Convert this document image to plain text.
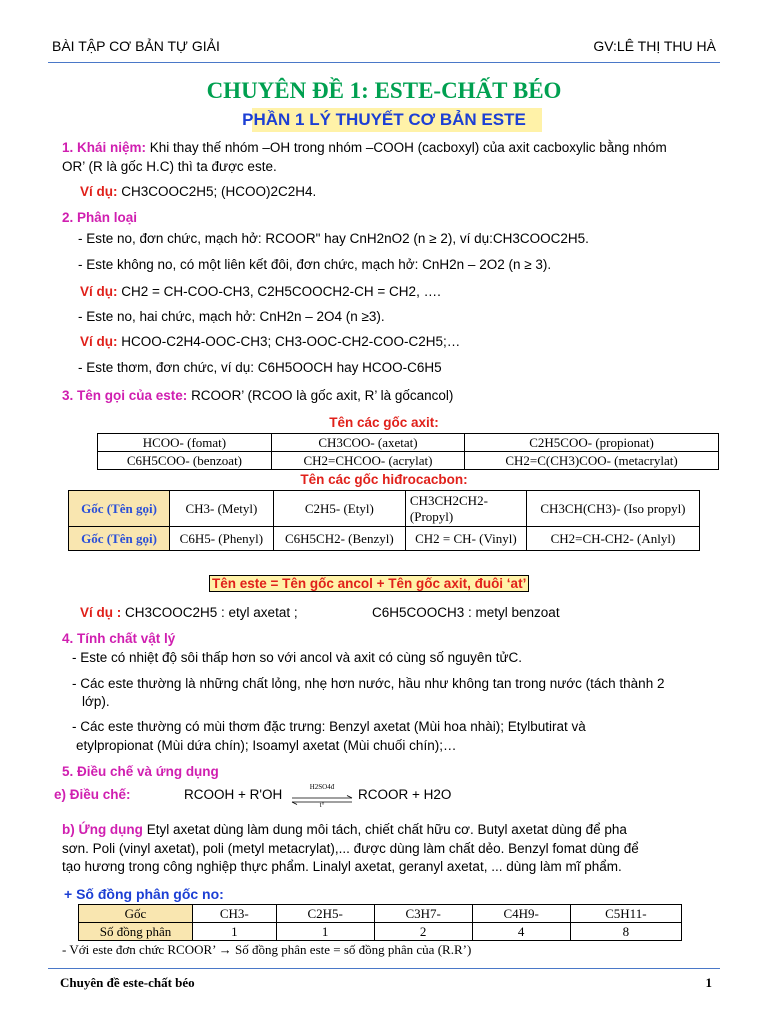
BÀI TẬP CƠ BẢN TỰ GIẢI	GV:LÊ THỊ THU HÀ
CHUYÊN ĐỀ 1: ESTE-CHẤT BÉO
PHẦN 1 LÝ THUYẾT CƠ BẢN ESTE
1. Khái niệm: Khi thay thế nhóm –OH trong nhóm –COOH (cacboxyl) của axit cacboxylic bằng nhóm
OR’ (R là gốc H.C) thì ta được este.
Ví dụ: CH3COOC2H5; (HCOO)2C2H4.
2. Phân loại
- Este no, đơn chức, mạch hở: RCOOR" hay CnH2nO2 (n ≥ 2), ví dụ:CH3COOC2H5.
- Este không no, có một liên kết đôi, đơn chức, mạch hở: CnH2n – 2O2 (n ≥ 3).
Ví dụ: CH2 = CH-COO-CH3, C2H5COOCH2-CH = CH2, ….
- Este no, hai chức, mạch hở: CnH2n – 2O4 (n ≥3).
Ví dụ: HCOO-C2H4-OOC-CH3; CH3-OOC-CH2-COO-C2H5;…
- Este thơm, đơn chức, ví dụ: C6H5OOCH hay HCOO-C6H5
3. Tên gọi của este: RCOOR’ (RCOO là gốc axit, R’ là gốcancol)
Tên các gốc axit:
HCOO- (fomat)	CH3COO- (axetat)	C2H5COO- (propionat)
C6H5COO- (benzoat)	CH2=CHCOO- (acrylat)	CH2=C(CH3)COO- (metacrylat)
Tên các gốc hiđrocacbon:
Gốc (Tên gọi)	CH3- (Metyl)	C2H5- (Etyl)	CH3CH2CH2- (Propyl)	CH3CH(CH3)- (Iso propyl)
Gốc (Tên gọi)	C6H5- (Phenyl)	C6H5CH2- (Benzyl)	CH2 = CH- (Vinyl)	CH2=CH-CH2- (Anlyl)
Tên este = Tên gốc ancol + Tên gốc axit, đuôi ‘at’
Ví dụ : CH3COOC2H5 : etyl axetat ;	C6H5COOCH3 : metyl benzoat
4. Tính chất vật lý
- Este có nhiệt độ sôi thấp hơn so với ancol và axit có cùng số nguyên tửC.
- Các este thường là những chất lỏng, nhẹ hơn nước, hầu như không tan trong nước (tách thành 2
lớp).
- Các este thường có mùi thơm đặc trưng: Benzyl axetat (Mùi hoa nhài); Etylbutirat và
etylpropionat (Mùi dứa chín); Isoamyl axetat (Mùi chuối chín);…
5. Điều chế và ứng dụng
e) Điều chế:	RCOOH + R'OH	H2SO4đ
t°
RCOOR + H2O
b) Ứng dụng Etyl axetat dùng làm dung môi tách, chiết chất hữu cơ. Butyl axetat dùng để pha
sơn. Poli (vinyl axetat), poli (metyl metacrylat),... được dùng làm chất dẻo. Benzyl fomat dùng để
tạo hương trong công nghiệp thực phẩm. Linalyl axetat, geranyl axetat, ... dùng làm mĩ phẩm.
+ Số đồng phân gốc no:
Gốc	CH3-	C2H5-	C3H7-	C4H9-	C5H11-
Số đồng phân	1	1	2	4	8
- Với este đơn chức RCOOR’ → Số đồng phân este = số đồng phân của (R.R’)
Chuyên đề este-chất béo	1
